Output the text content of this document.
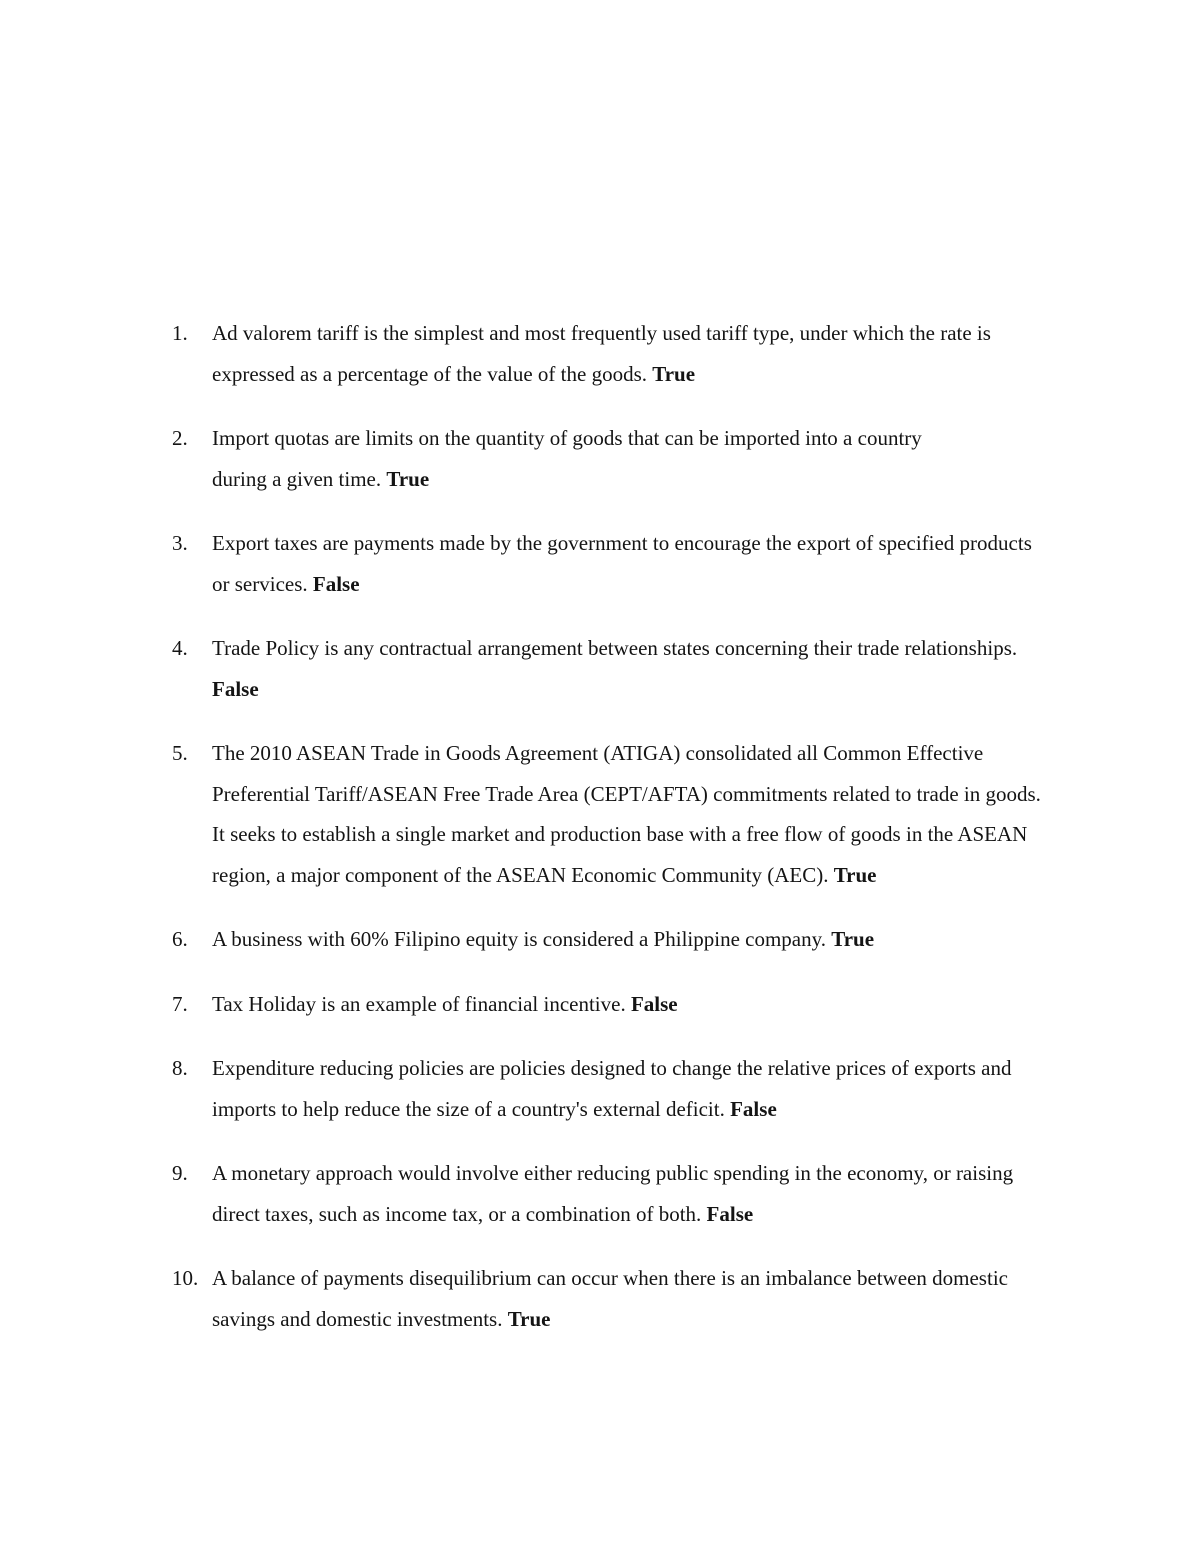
1. Ad valorem tariff is the simplest and most frequently used tariff type, under which the rate is expressed as a percentage of the value of the goods. True
2. Import quotas are limits on the quantity of goods that can be imported into a country during a given time. True
3. Export taxes are payments made by the government to encourage the export of specified products or services. False
4. Trade Policy is any contractual arrangement between states concerning their trade relationships. False
5. The 2010 ASEAN Trade in Goods Agreement (ATIGA) consolidated all Common Effective Preferential Tariff/ASEAN Free Trade Area (CEPT/AFTA) commitments related to trade in goods. It seeks to establish a single market and production base with a free flow of goods in the ASEAN region, a major component of the ASEAN Economic Community (AEC). True
6. A business with 60% Filipino equity is considered a Philippine company. True
7. Tax Holiday is an example of financial incentive. False
8. Expenditure reducing policies are policies designed to change the relative prices of exports and imports to help reduce the size of a country's external deficit. False
9. A monetary approach would involve either reducing public spending in the economy, or raising direct taxes, such as income tax, or a combination of both. False
10. A balance of payments disequilibrium can occur when there is an imbalance between domestic savings and domestic investments. True
